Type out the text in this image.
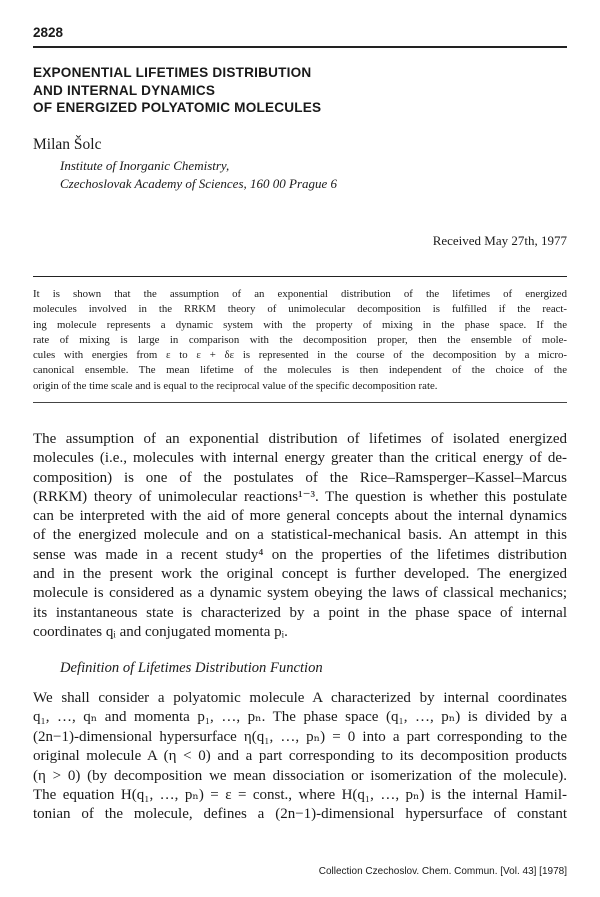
2828
EXPONENTIAL LIFETIMES DISTRIBUTION
AND INTERNAL DYNAMICS
OF ENERGIZED POLYATOMIC MOLECULES
Milan Šolc
Institute of Inorganic Chemistry,
Czechoslovak Academy of Sciences, 160 00 Prague 6
Received May 27th, 1977
It is shown that the assumption of an exponential distribution of the lifetimes of energized
molecules involved in the RRKM theory of unimolecular decomposition is fulfilled if the react-
ing molecule represents a dynamic system with the property of mixing in the phase space. If the
rate of mixing is large in comparison with the decomposition proper, then the ensemble of mole-
cules with energies from ε to ε + δε is represented in the course of the decomposition by a micro-
canonical ensemble. The mean lifetime of the molecules is then independent of the choice of the
origin of the time scale and is equal to the reciprocal value of the specific decomposition rate.
The assumption of an exponential distribution of lifetimes of isolated energized
molecules (i.e., molecules with internal energy greater than the critical energy of de-
composition) is one of the postulates of the Rice–Ramsperger–Kassel–Marcus
(RRKM) theory of unimolecular reactions¹⁻³. The question is whether this postulate
can be interpreted with the aid of more general concepts about the internal dynamics
of the energized molecule and on a statistical-mechanical basis. An attempt in this
sense was made in a recent study⁴ on the properties of the lifetimes distribution
and in the present work the original concept is further developed. The energized
molecule is considered as a dynamic system obeying the laws of classical mechanics;
its instantaneous state is characterized by a point in the phase space of internal
coordinates qᵢ and conjugated momenta pᵢ.
Definition of Lifetimes Distribution Function
We shall consider a polyatomic molecule A characterized by internal coordinates
q₁, …, qₙ and momenta p₁, …, pₙ. The phase space (q₁, …, pₙ) is divided by a
(2n−1)-dimensional hypersurface η(q₁, …, pₙ) = 0 into a part corresponding to the
original molecule A (η < 0) and a part corresponding to its decomposition products
(η > 0) (by decomposition we mean dissociation or isomerization of the molecule).
The equation H(q₁, …, pₙ) = ε = const., where H(q₁, …, pₙ) is the internal Hamil-
tonian of the molecule, defines a (2n−1)-dimensional hypersurface of constant
Collection Czechoslov. Chem. Commun. [Vol. 43] [1978]
